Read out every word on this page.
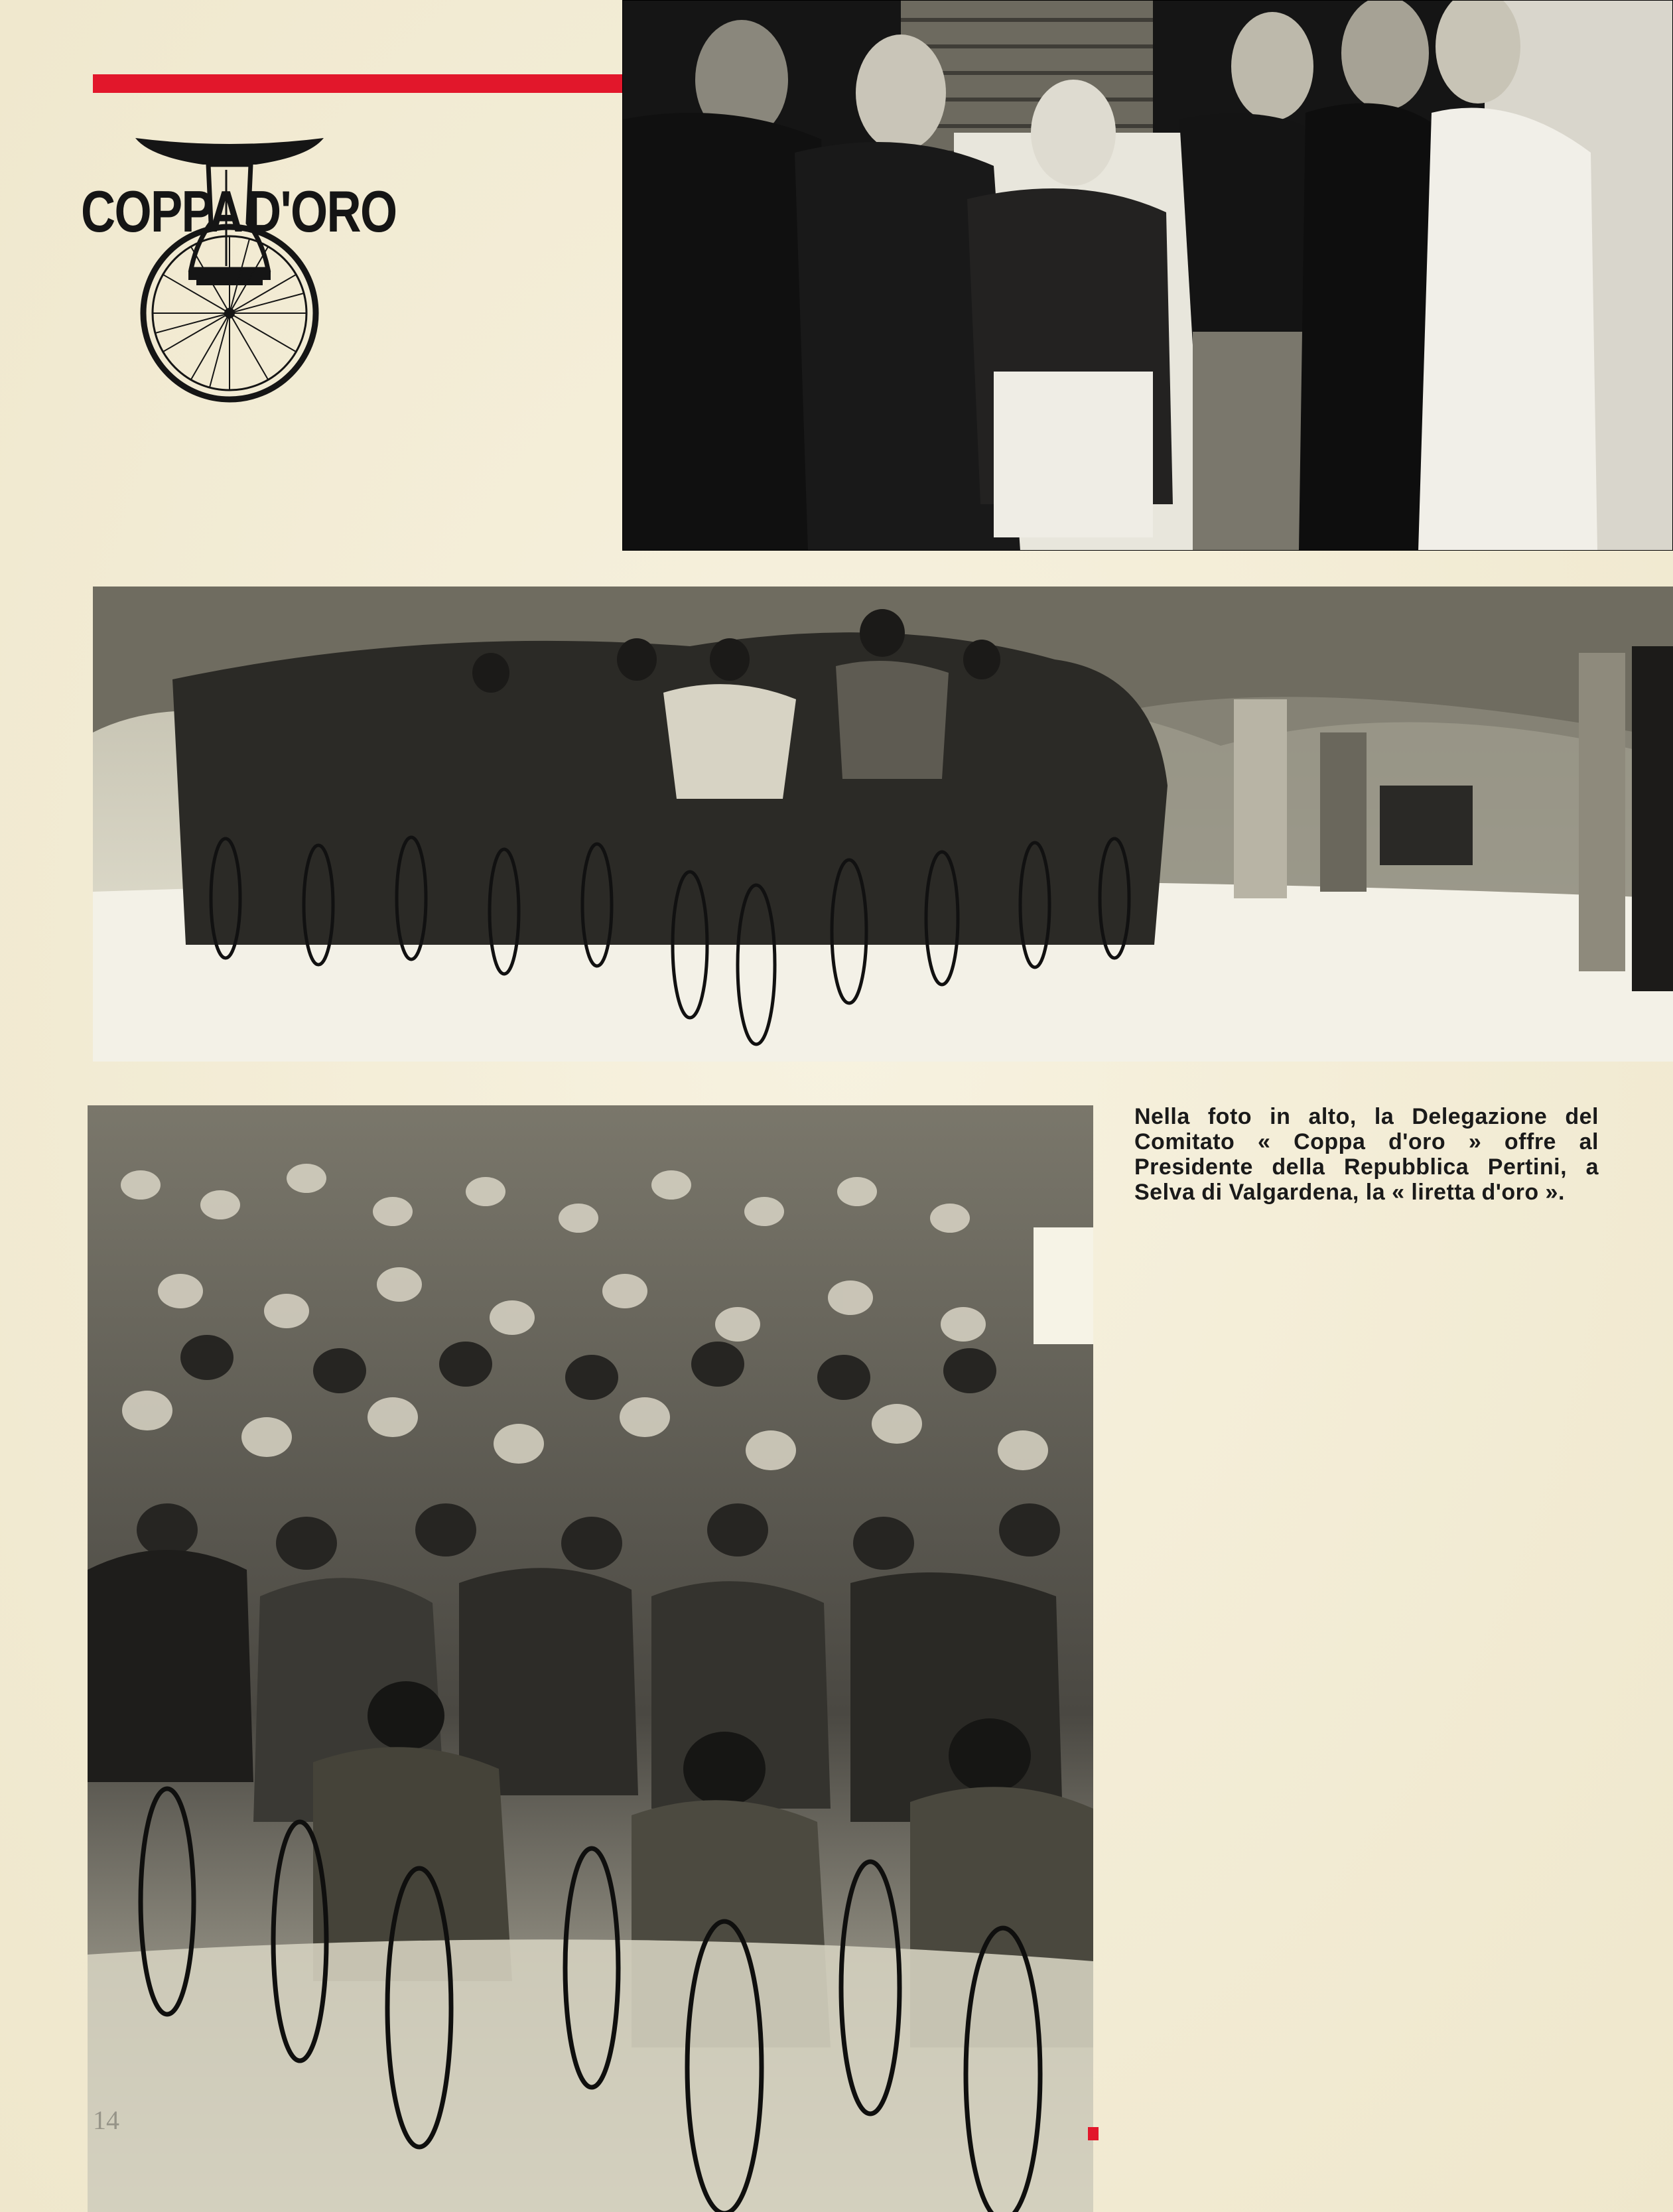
COPPA D'ORO
Nella foto in alto, la Delegazione del Comitato « Coppa d'oro » offre al Presidente della Repubblica Pertini, a Selva di Valgardena, la « liretta d'oro ».
14
